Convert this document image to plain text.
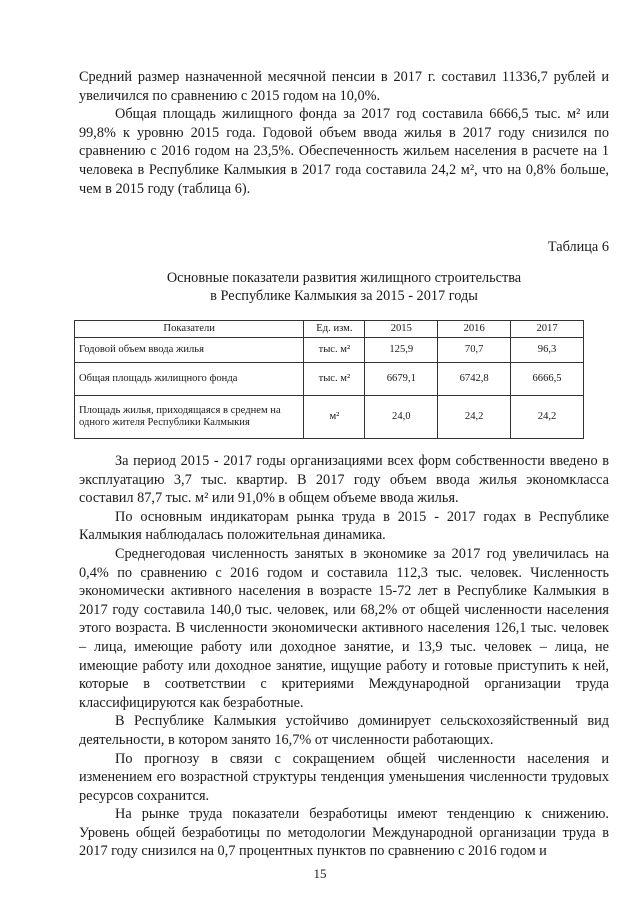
Средний размер назначенной месячной пенсии в 2017 г. составил 11336,7 рублей и увеличился по сравнению с 2015 годом на 10,0%.

Общая площадь жилищного фонда за 2017 год составила 6666,5 тыс. м² или 99,8% к уровню 2015 года. Годовой объем ввода жилья в 2017 году снизился по сравнению с 2016 годом на 23,5%. Обеспеченность жильем населения в расчете на 1 человека в Республике Калмыкия в 2017 года составила 24,2 м², что на 0,8% больше, чем в 2015 году (таблица 6).

Таблица 6
Основные показатели развития жилищного строительства
в Республике Калмыкия за 2015 - 2017 годы
Показатели	Ед. изм.	2015	2016	2017
Годовой объем ввода жилья	тыс. м²	125,9	70,7	96,3
Общая площадь жилищного фонда	тыс. м²	6679,1	6742,8	6666,5
Площадь жилья, приходящаяся в среднем на одного жителя Республики Калмыкия	м²	24,0	24,2	24,2

За период 2015 - 2017 годы организациями всех форм собственности введено в эксплуатацию 3,7 тыс. квартир. В 2017 году объем ввода жилья экономкласса составил 87,7 тыс. м² или 91,0% в общем объеме ввода жилья.

По основным индикаторам рынка труда в 2015 - 2017 годах в Республике Калмыкия наблюдалась положительная динамика.

Среднегодовая численность занятых в экономике за 2017 год увеличилась на 0,4% по сравнению с 2016 годом и составила 112,3 тыс. человек. Численность экономически активного населения в возрасте 15-72 лет в Республике Калмыкия в 2017 году составила 140,0 тыс. человек, или 68,2% от общей численности населения этого возраста. В численности экономически активного населения 126,1 тыс. человек – лица, имеющие работу или доходное занятие, и 13,9 тыс. человек – лица, не имеющие работу или доходное занятие, ищущие работу и готовые приступить к ней, которые в соответствии с критериями Международной организации труда классифицируются как безработные.

В Республике Калмыкия устойчиво доминирует сельскохозяйственный вид деятельности, в котором занято 16,7% от численности работающих.

По прогнозу в связи с сокращением общей численности населения и изменением его возрастной структуры тенденция уменьшения численности трудовых ресурсов сохранится.

На рынке труда показатели безработицы имеют тенденцию к снижению. Уровень общей безработицы по методологии Международной организации труда в 2017 году снизился на 0,7 процентных пунктов по сравнению с 2016 годом и

15
